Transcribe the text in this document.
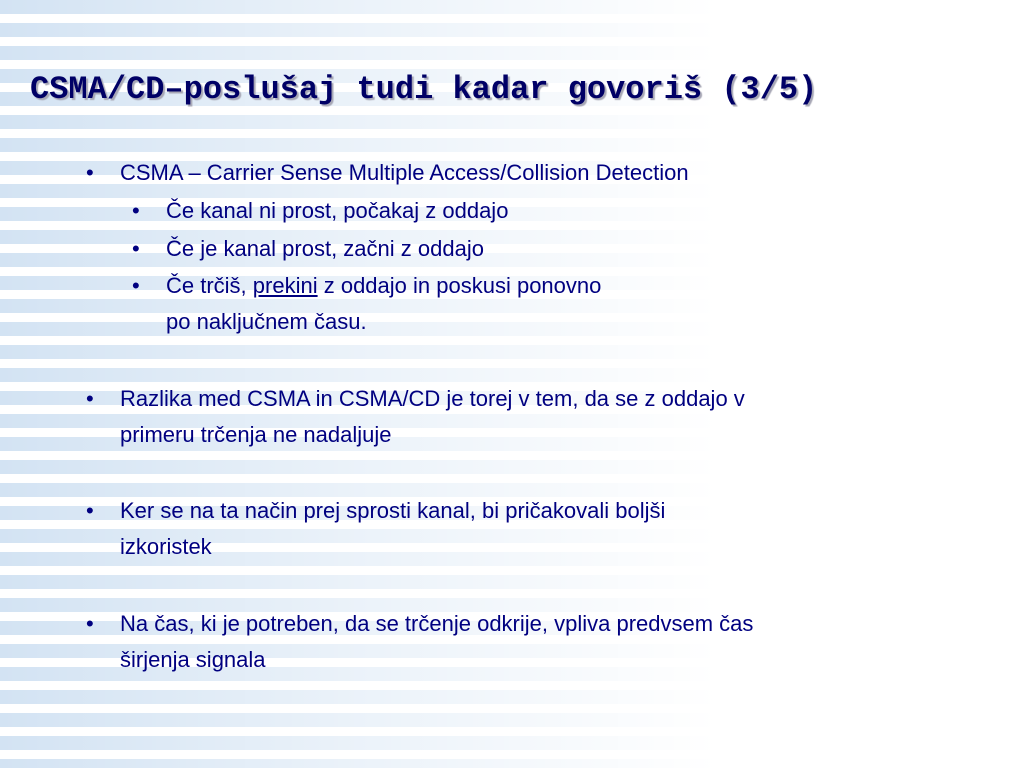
CSMA/CD–poslušaj tudi kadar govoriš (3/5)
• CSMA – Carrier Sense Multiple Access/Collision Detection
• Če kanal ni prost, počakaj z oddajo
• Če je kanal prost, začni z oddajo
• Če trčiš, prekini z oddajo in poskusi ponovno
po naključnem času.
• Razlika med CSMA in CSMA/CD je torej v tem, da se z oddajo v
primeru trčenja ne nadaljuje
• Ker se na ta način prej sprosti kanal, bi pričakovali boljši
izkoristek
• Na čas, ki je potreben, da se trčenje odkrije, vpliva predvsem čas
širjenja signala
